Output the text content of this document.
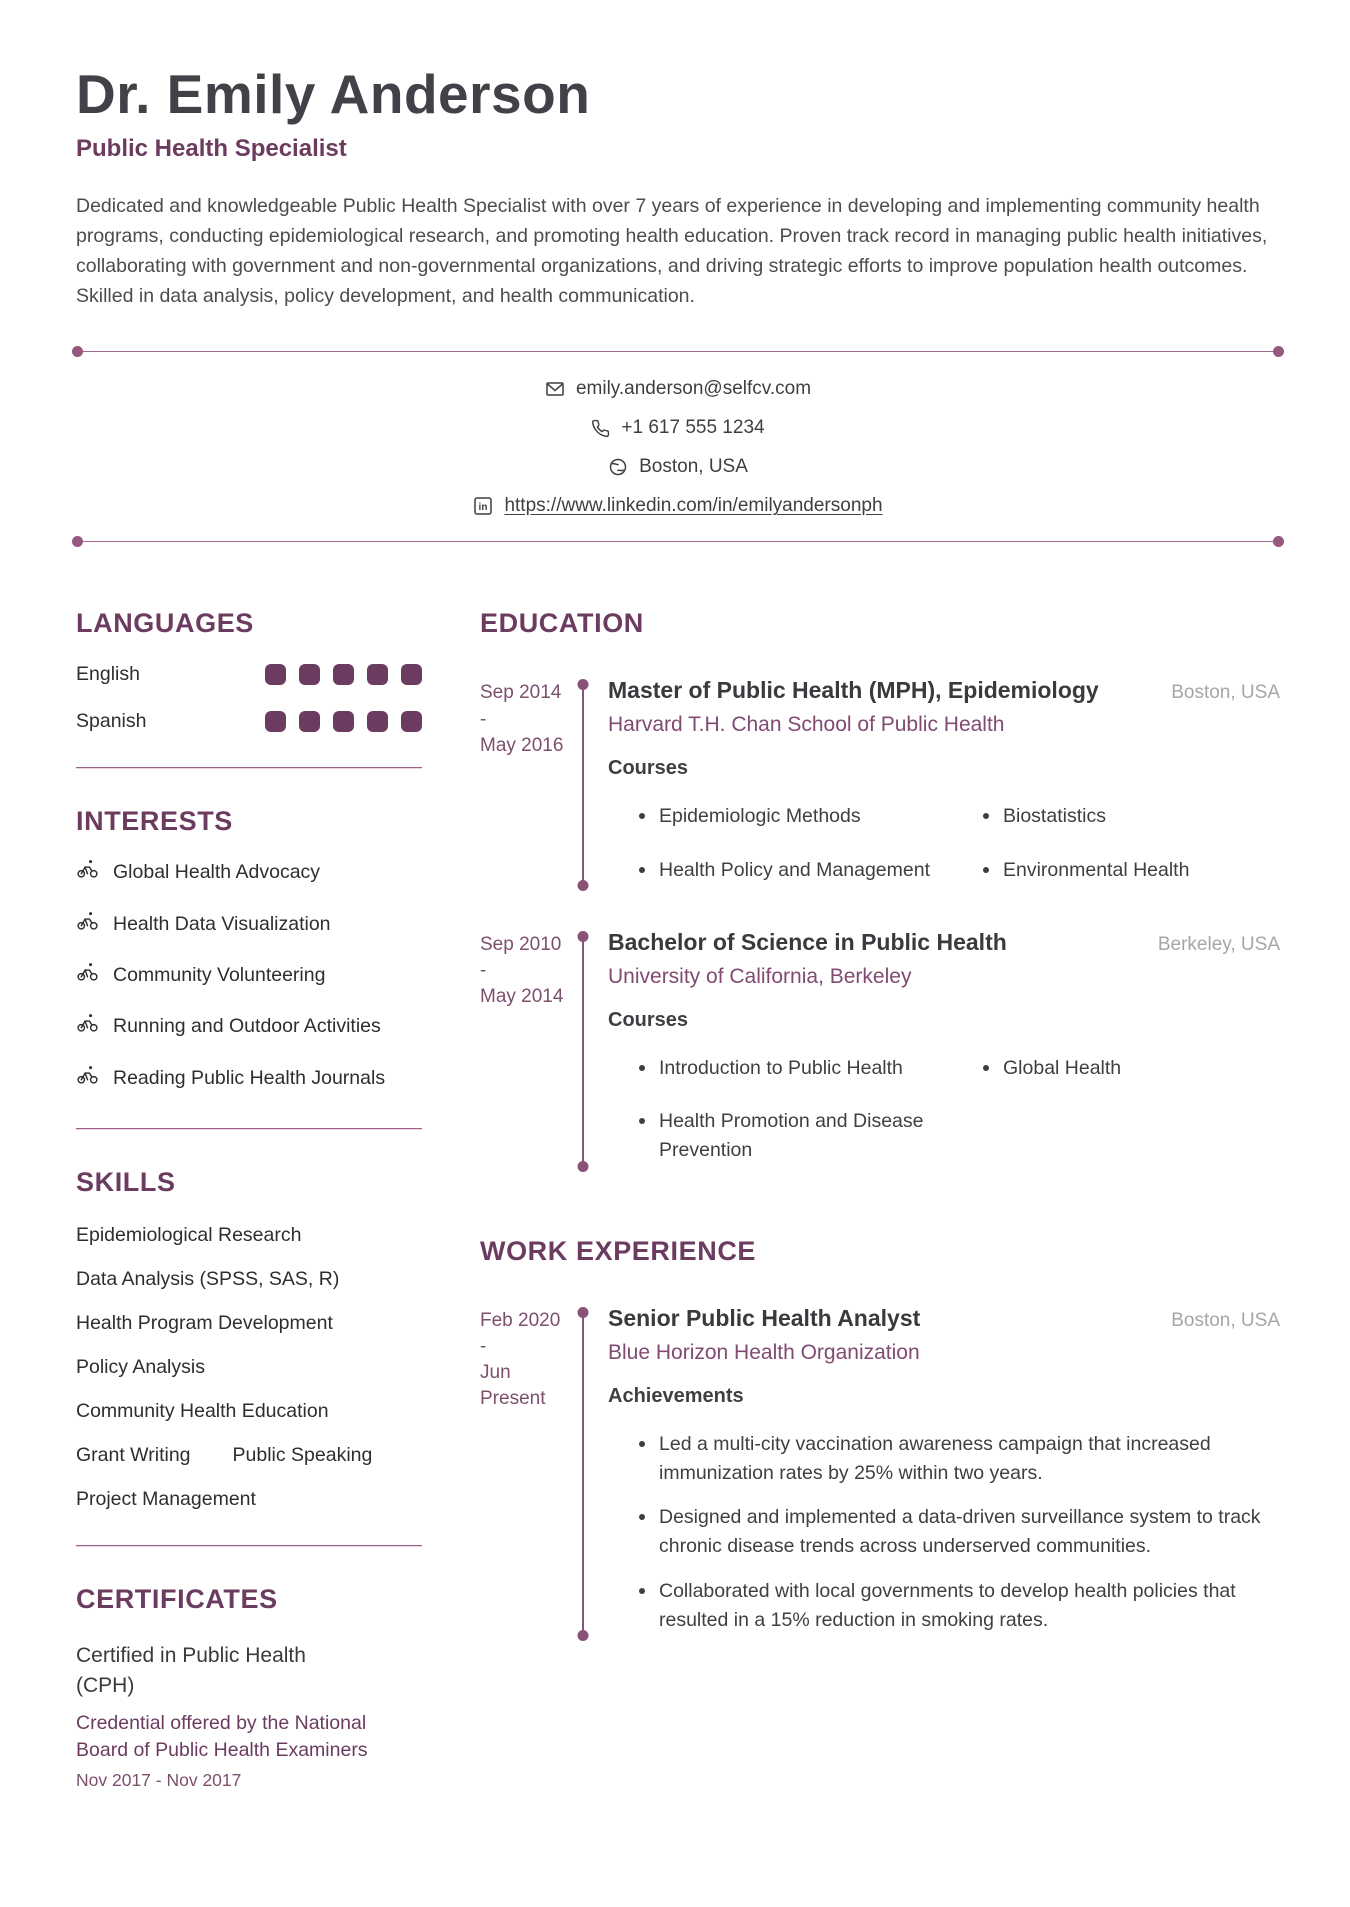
Dr. Emily Anderson
Public Health Specialist

Dedicated and knowledgeable Public Health Specialist with over 7 years of experience in developing and implementing community health programs, conducting epidemiological research, and promoting health education. Proven track record in managing public health initiatives, collaborating with government and non-governmental organizations, and driving strategic efforts to improve population health outcomes. Skilled in data analysis, policy development, and health communication.

emily.anderson@selfcv.com
+1 617 555 1234
Boston, USA
in https://www.linkedin.com/in/emilyandersonph
LANGUAGES
English
Spanish
INTERESTS
Global Health Advocacy
Health Data Visualization
Community Volunteering
Running and Outdoor Activities
Reading Public Health Journals
SKILLS
Epidemiological Research
Data Analysis (SPSS, SAS, R)
Health Program Development
Policy Analysis
Community Health Education
Grant Writing Public Speaking
Project Management
CERTIFICATES
Certified in Public Health (CPH)
Credential offered by the National Board of Public Health Examiners
Nov 2017 - Nov 2017
EDUCATION
Sep 2014
-
May 2016
Master of Public Health (MPH), Epidemiology	Boston, USA
Harvard T.H. Chan School of Public Health
Courses
Epidemiologic Methods
Health Policy and Management
Biostatistics
Environmental Health
Sep 2010
-
May 2014
Bachelor of Science in Public Health	Berkeley, USA
University of California, Berkeley
Courses
Introduction to Public Health
Health Promotion and Disease Prevention
Global Health
WORK EXPERIENCE
Feb 2020
-
Jun
Present
Senior Public Health Analyst	Boston, USA
Blue Horizon Health Organization
Achievements
Led a multi-city vaccination awareness campaign that increased immunization rates by 25% within two years.
Designed and implemented a data-driven surveillance system to track chronic disease trends across underserved communities.
Collaborated with local governments to develop health policies that resulted in a 15% reduction in smoking rates.
